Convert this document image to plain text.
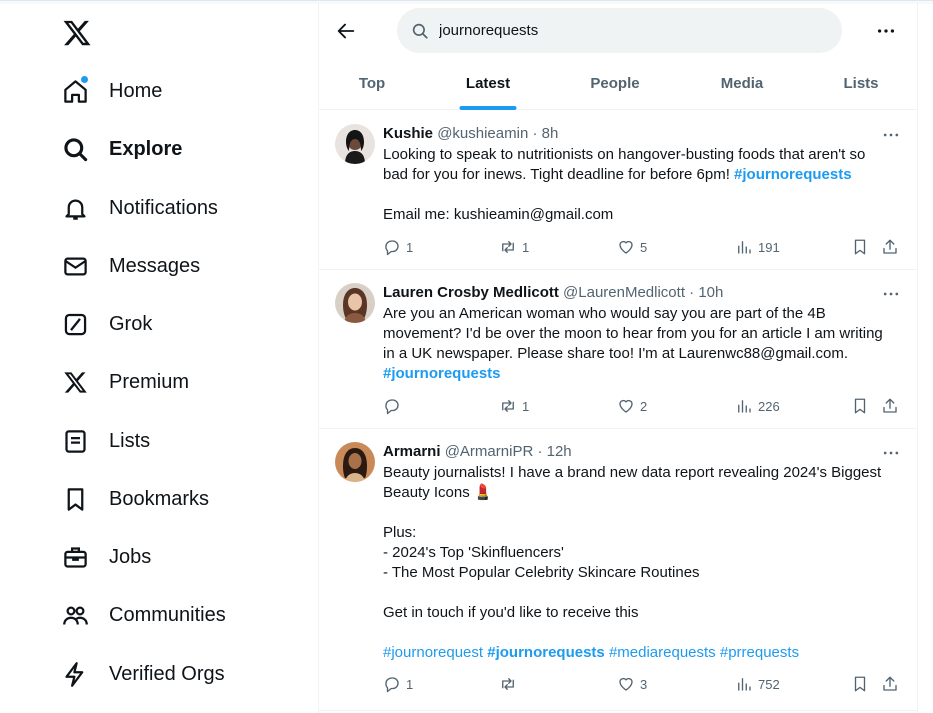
Home
Explore
Notifications
Messages
Grok
Premium
Lists
Bookmarks
Jobs
Communities
Verified Orgs
journorequests
Top	Latest	People	Media	Lists
Kushie @kushieamin · 8h

Looking to speak to nutritionists on hangover-busting foods that aren't so

bad for you for inews. Tight deadline for before 6pm! #journorequests

Email me: kushieamin@gmail.com

1	1	5	191
Lauren Crosby Medlicott @LaurenMedlicott · 10h

Are you an American woman who would say you are part of the 4B

movement? I'd be over the moon to hear from you for an article I am writing

in a UK newspaper. Please share too! I'm at Laurenwc88@gmail.com.

#journorequests

1	2	226
Armarni @ArmarniPR · 12h

Beauty journalists! I have a brand new data report revealing 2024's Biggest

Beauty Icons 💄

Plus:

- 2024's Top 'Skinfluencers'

- The Most Popular Celebrity Skincare Routines

Get in touch if you'd like to receive this

#journorequest #journorequests #mediarequests #prrequests

1	3	752
